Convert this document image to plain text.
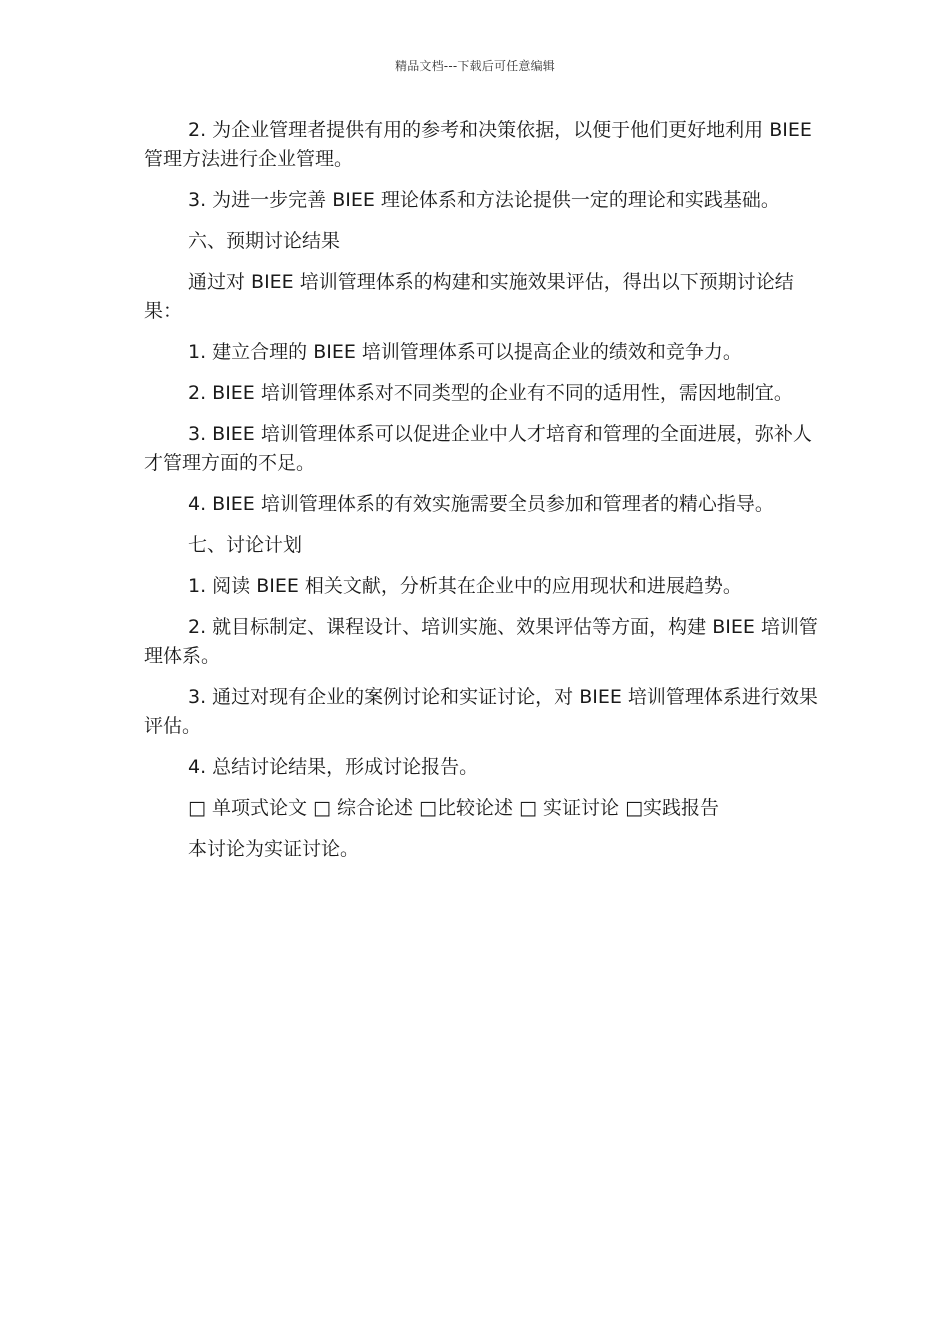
精品文档---下载后可任意编辑

2. 为企业管理者提供有用的参考和决策依据，以便于他们更好地利用 BIEE 管理方法进行企业管理。

3. 为进一步完善 BIEE 理论体系和方法论提供一定的理论和实践基础。

六、预期讨论结果

通过对 BIEE 培训管理体系的构建和实施效果评估，得出以下预期讨论结果：

1. 建立合理的 BIEE 培训管理体系可以提高企业的绩效和竞争力。

2. BIEE 培训管理体系对不同类型的企业有不同的适用性，需因地制宜。

3. BIEE 培训管理体系可以促进企业中人才培育和管理的全面进展，弥补人才管理方面的不足。

4. BIEE 培训管理体系的有效实施需要全员参加和管理者的精心指导。

七、讨论计划

1. 阅读 BIEE 相关文献，分析其在企业中的应用现状和进展趋势。

2. 就目标制定、课程设计、培训实施、效果评估等方面，构建 BIEE 培训管理体系。

3. 通过对现有企业的案例讨论和实证讨论，对 BIEE 培训管理体系进行效果评估。

4. 总结讨论结果，形成讨论报告。

□ 单项式论文 □ 综合论述 □比较论述 □ 实证讨论 □实践报告

本讨论为实证讨论。
